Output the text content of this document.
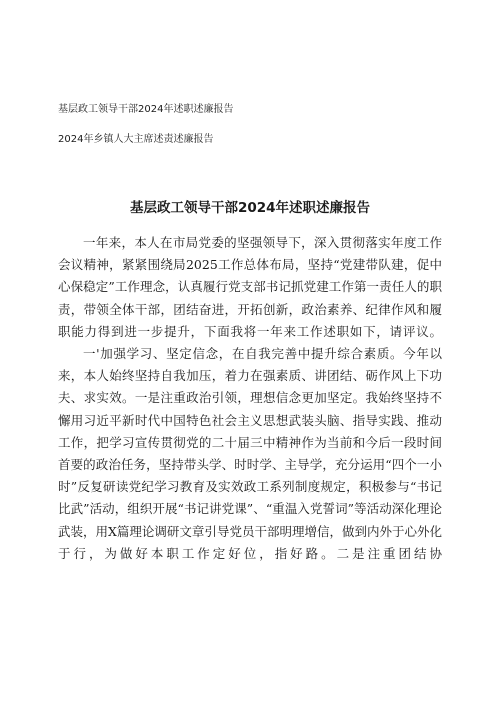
基层政工领导干部2024年述职述廉报告

2024年乡镇人大主席述责述廉报告

基层政工领导干部2024年述职述廉报告

一年来，本人在市局党委的坚强领导下，深入贯彻落实年度工作会议精神，紧紧围绕局2025工作总体布局，坚持“党建带队建，促中心保稳定”工作理念，认真履行党支部书记抓党建工作第一责任人的职责，带领全体干部，团结奋进，开拓创新，政治素养、纪律作风和履职能力得到进一步提升，下面我将一年来工作述职如下，请评议。

一'加强学习、坚定信念，在自我完善中提升综合素质。今年以来，本人始终坚持自我加压，着力在强素质、讲团结、砺作风上下功夫、求实效。一是注重政治引领，理想信念更加坚定。我始终坚持不懈用习近平新时代中国特色社会主义思想武装头脑、指导实践、推动工作，把学习宣传贯彻党的二十届三中精神作为当前和今后一段时间首要的政治任务，坚持带头学、时时学、主导学，充分运用“四个一小时”反复研读党纪学习教育及实效政工系列制度规定，积极参与“书记比武”活动，组织开展“书记讲党课”、“重温入党誓词”等活动深化理论武装，用X篇理论调研文章引导党员干部明理增信，做到内外于心外化于行，为做好本职工作定好位，指好路。二是注重团结协
